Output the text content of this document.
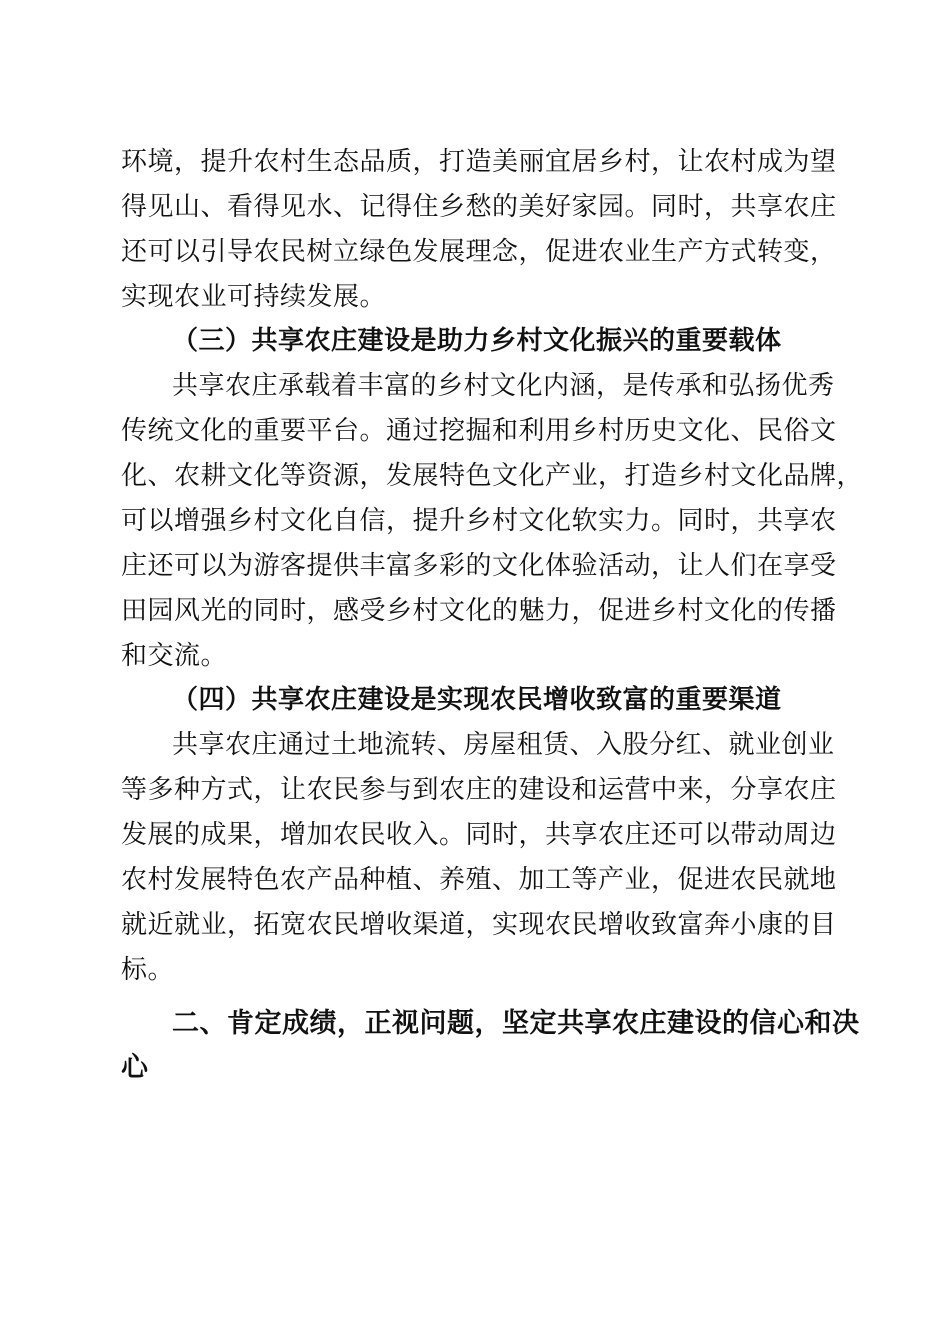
环境，提升农村生态品质，打造美丽宜居乡村，让农村成为望
得见山、看得见水、记得住乡愁的美好家园。同时，共享农庄
还可以引导农民树立绿色发展理念，促进农业生产方式转变，
实现农业可持续发展。
（三）共享农庄建设是助力乡村文化振兴的重要载体
共享农庄承载着丰富的乡村文化内涵，是传承和弘扬优秀
传统文化的重要平台。通过挖掘和利用乡村历史文化、民俗文
化、农耕文化等资源，发展特色文化产业，打造乡村文化品牌，
可以增强乡村文化自信，提升乡村文化软实力。同时，共享农
庄还可以为游客提供丰富多彩的文化体验活动，让人们在享受
田园风光的同时，感受乡村文化的魅力，促进乡村文化的传播
和交流。
（四）共享农庄建设是实现农民增收致富的重要渠道
共享农庄通过土地流转、房屋租赁、入股分红、就业创业
等多种方式，让农民参与到农庄的建设和运营中来，分享农庄
发展的成果，增加农民收入。同时，共享农庄还可以带动周边
农村发展特色农产品种植、养殖、加工等产业，促进农民就地
就近就业，拓宽农民增收渠道，实现农民增收致富奔小康的目
标。
二、肯定成绩，正视问题，坚定共享农庄建设的信心和决
心
